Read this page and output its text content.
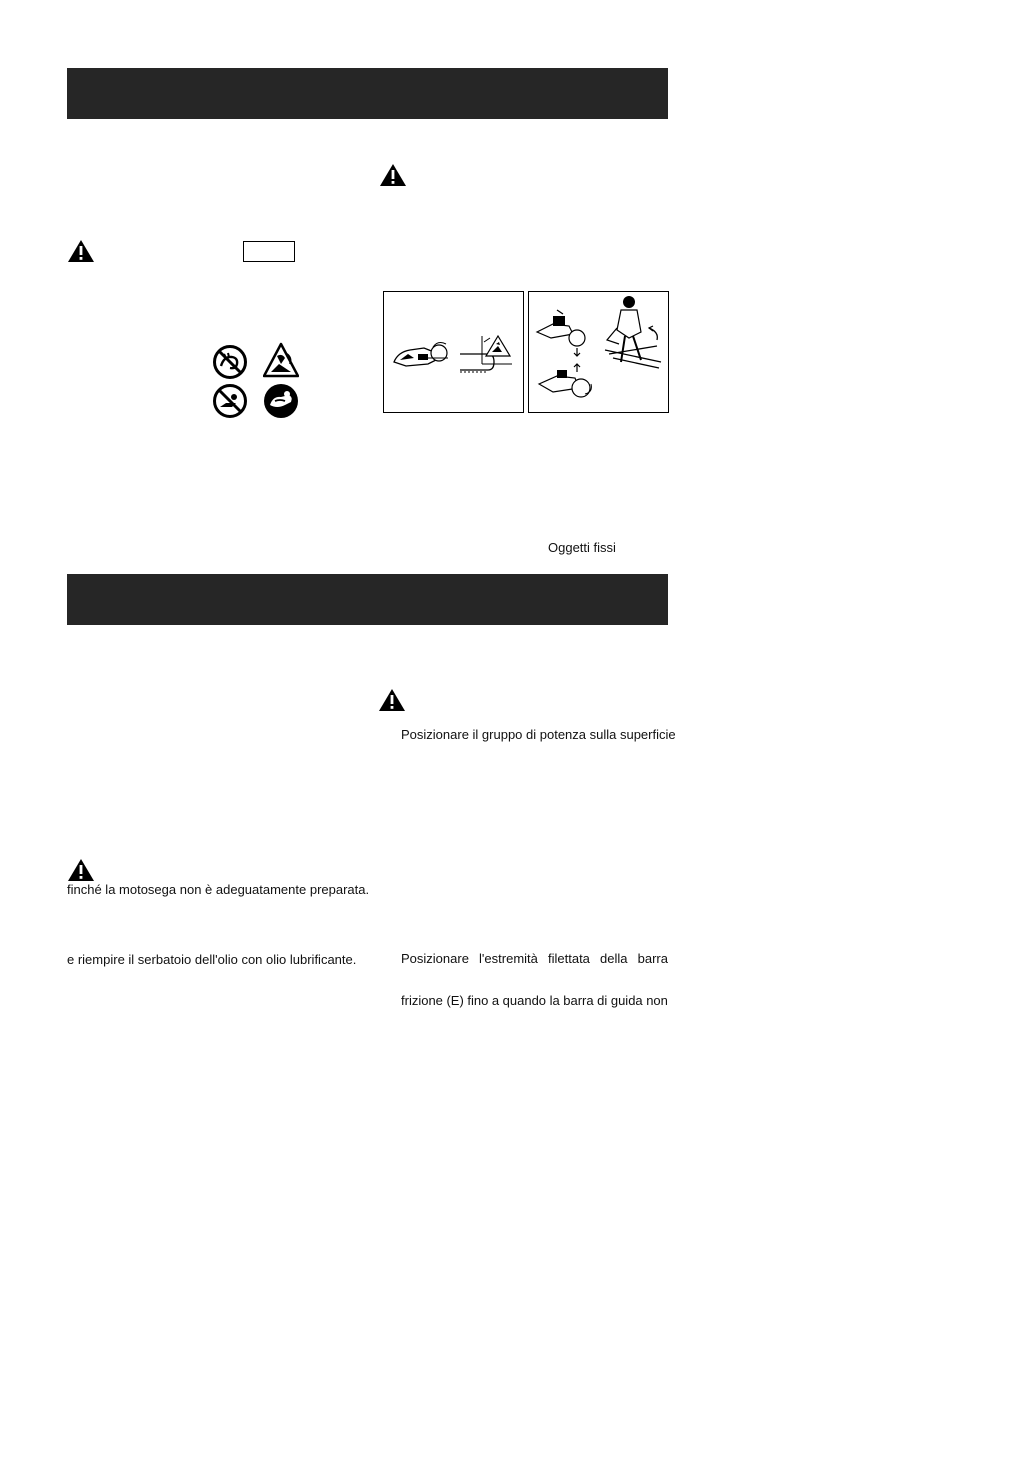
Oggetti fissi
Posizionare il gruppo di potenza sulla superficie
Posizionare l'estremità filettata della barra
frizione (E) fino a quando la barra di guida non
finché la motosega non è adeguatamente preparata.
e riempire il serbatoio dell'olio con olio lubrificante.
